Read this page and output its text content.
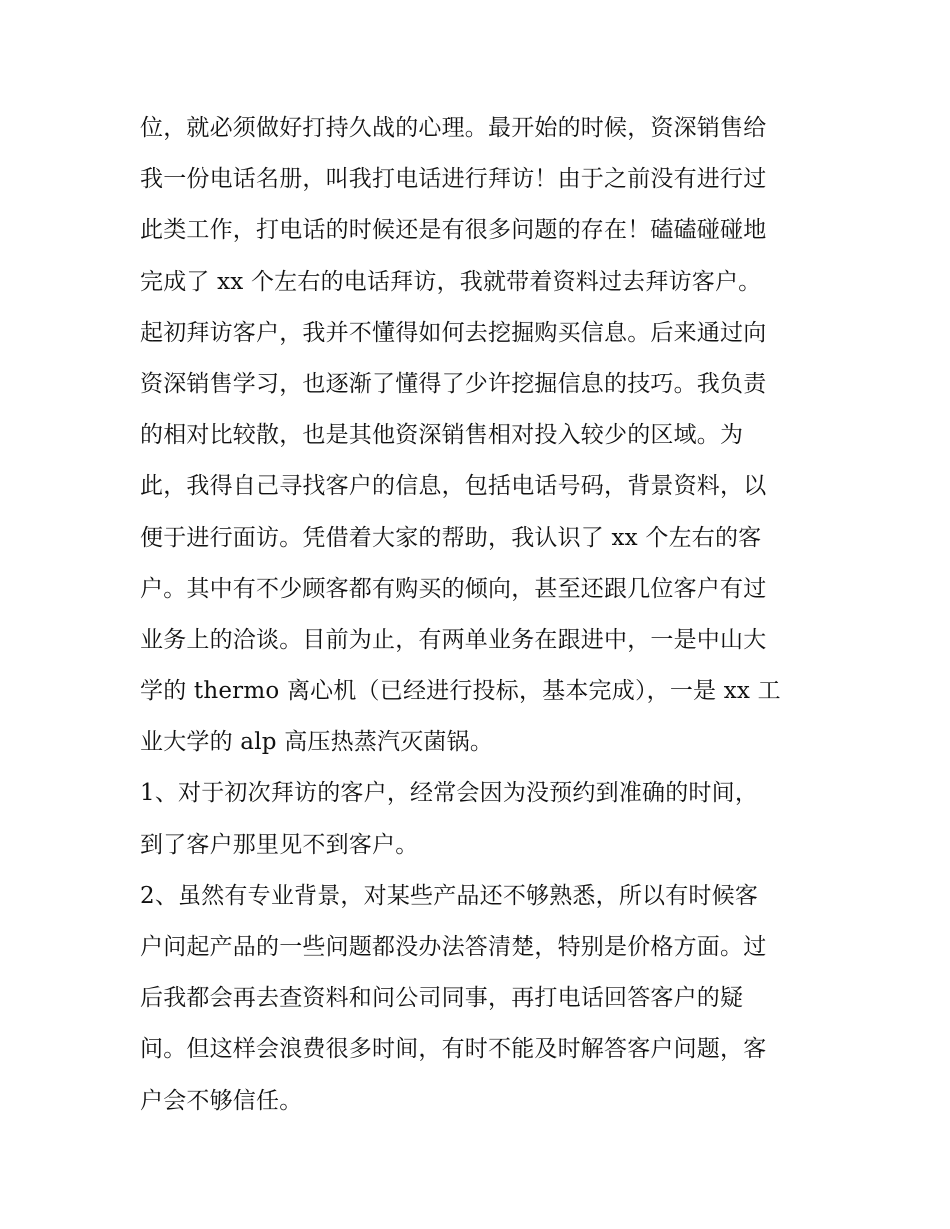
位，就必须做好打持久战的心理。最开始的时候，资深销售给
我一份电话名册，叫我打电话进行拜访！由于之前没有进行过
此类工作，打电话的时候还是有很多问题的存在！磕磕碰碰地
完成了 xx 个左右的电话拜访，我就带着资料过去拜访客户。
起初拜访客户，我并不懂得如何去挖掘购买信息。后来通过向
资深销售学习，也逐渐了懂得了少许挖掘信息的技巧。我负责
的相对比较散，也是其他资深销售相对投入较少的区域。为
此，我得自己寻找客户的信息，包括电话号码，背景资料，以
便于进行面访。凭借着大家的帮助，我认识了 xx 个左右的客
户。其中有不少顾客都有购买的倾向，甚至还跟几位客户有过
业务上的洽谈。目前为止，有两单业务在跟进中，一是中山大
学的 thermo 离心机（已经进行投标，基本完成），一是 xx 工
业大学的 alp 高压热蒸汽灭菌锅。
1、对于初次拜访的客户，经常会因为没预约到准确的时间，
到了客户那里见不到客户。
2、虽然有专业背景，对某些产品还不够熟悉，所以有时候客
户问起产品的一些问题都没办法答清楚，特别是价格方面。过
后我都会再去查资料和问公司同事，再打电话回答客户的疑
问。但这样会浪费很多时间，有时不能及时解答客户问题，客
户会不够信任。
